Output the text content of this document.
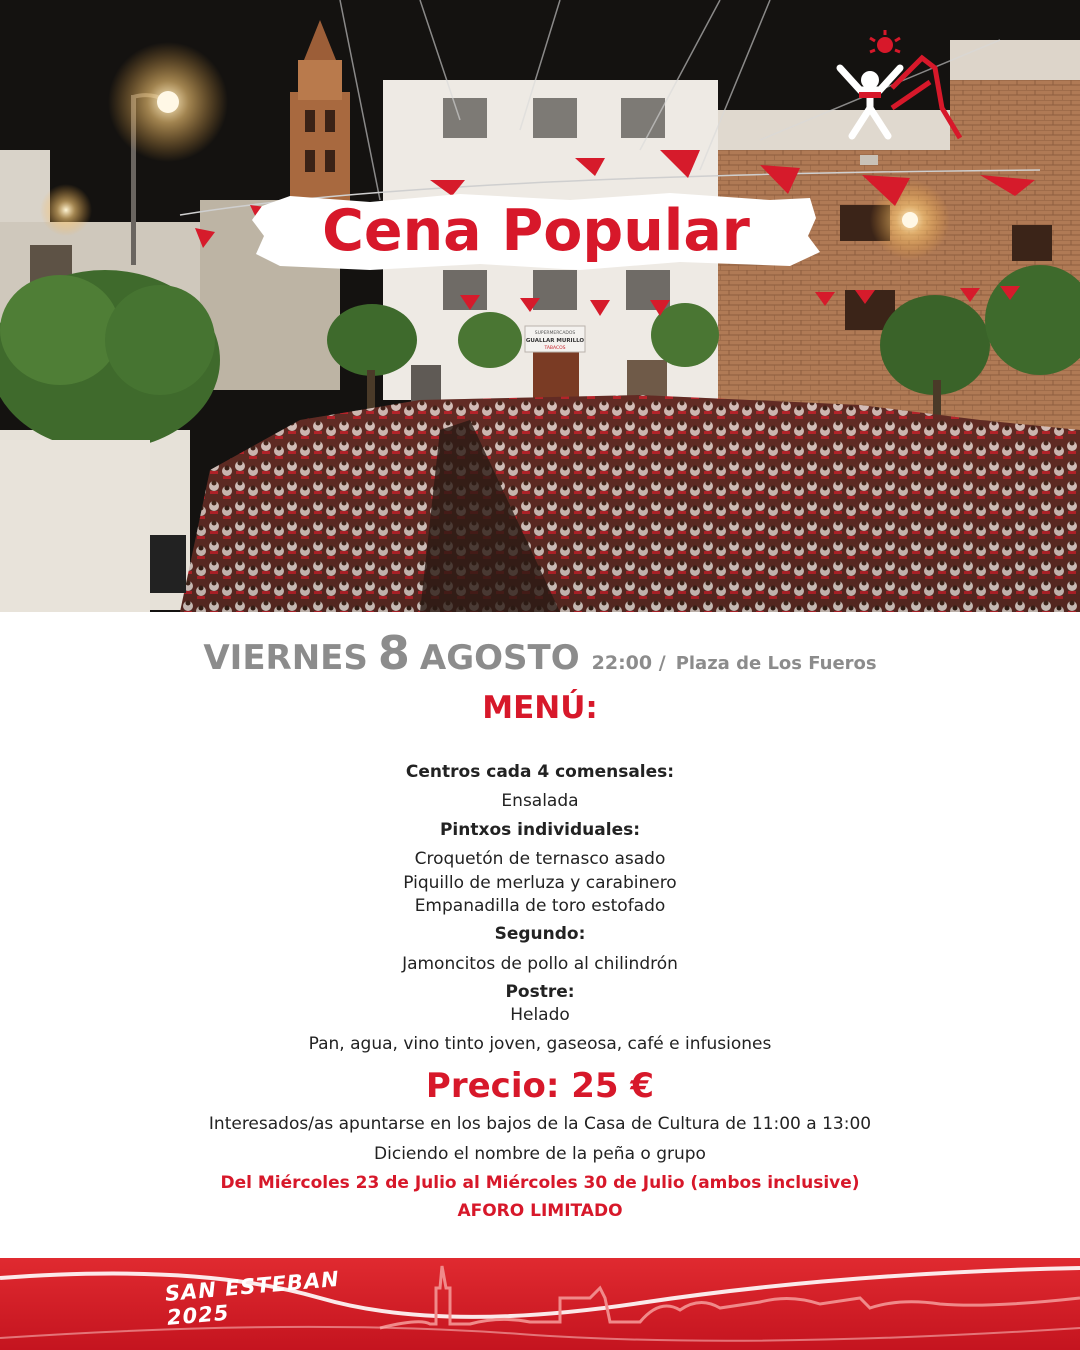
SUPERMERCADOS
GUALLAR MURILLO
TABACOS
Cena Popular
VIERNES 8 AGOSTO 22:00 / Plaza de Los Fueros
MENÚ:
Centros cada 4 comensales:
Ensalada
Pintxos individuales:
Croquetón de ternasco asado
Piquillo de merluza y carabinero
Empanadilla de toro estofado
Segundo:
Jamoncitos de pollo al chilindrón
Postre:
Helado
Pan, agua, vino tinto joven, gaseosa, café e infusiones
Precio: 25 €
Interesados/as apuntarse en los bajos de la Casa de Cultura de 11:00 a 13:00
Diciendo el nombre de la peña o grupo
Del Miércoles 23 de Julio al Miércoles 30 de Julio (ambos inclusive)
AFORO LIMITADO
SAN ESTEBAN 2025
